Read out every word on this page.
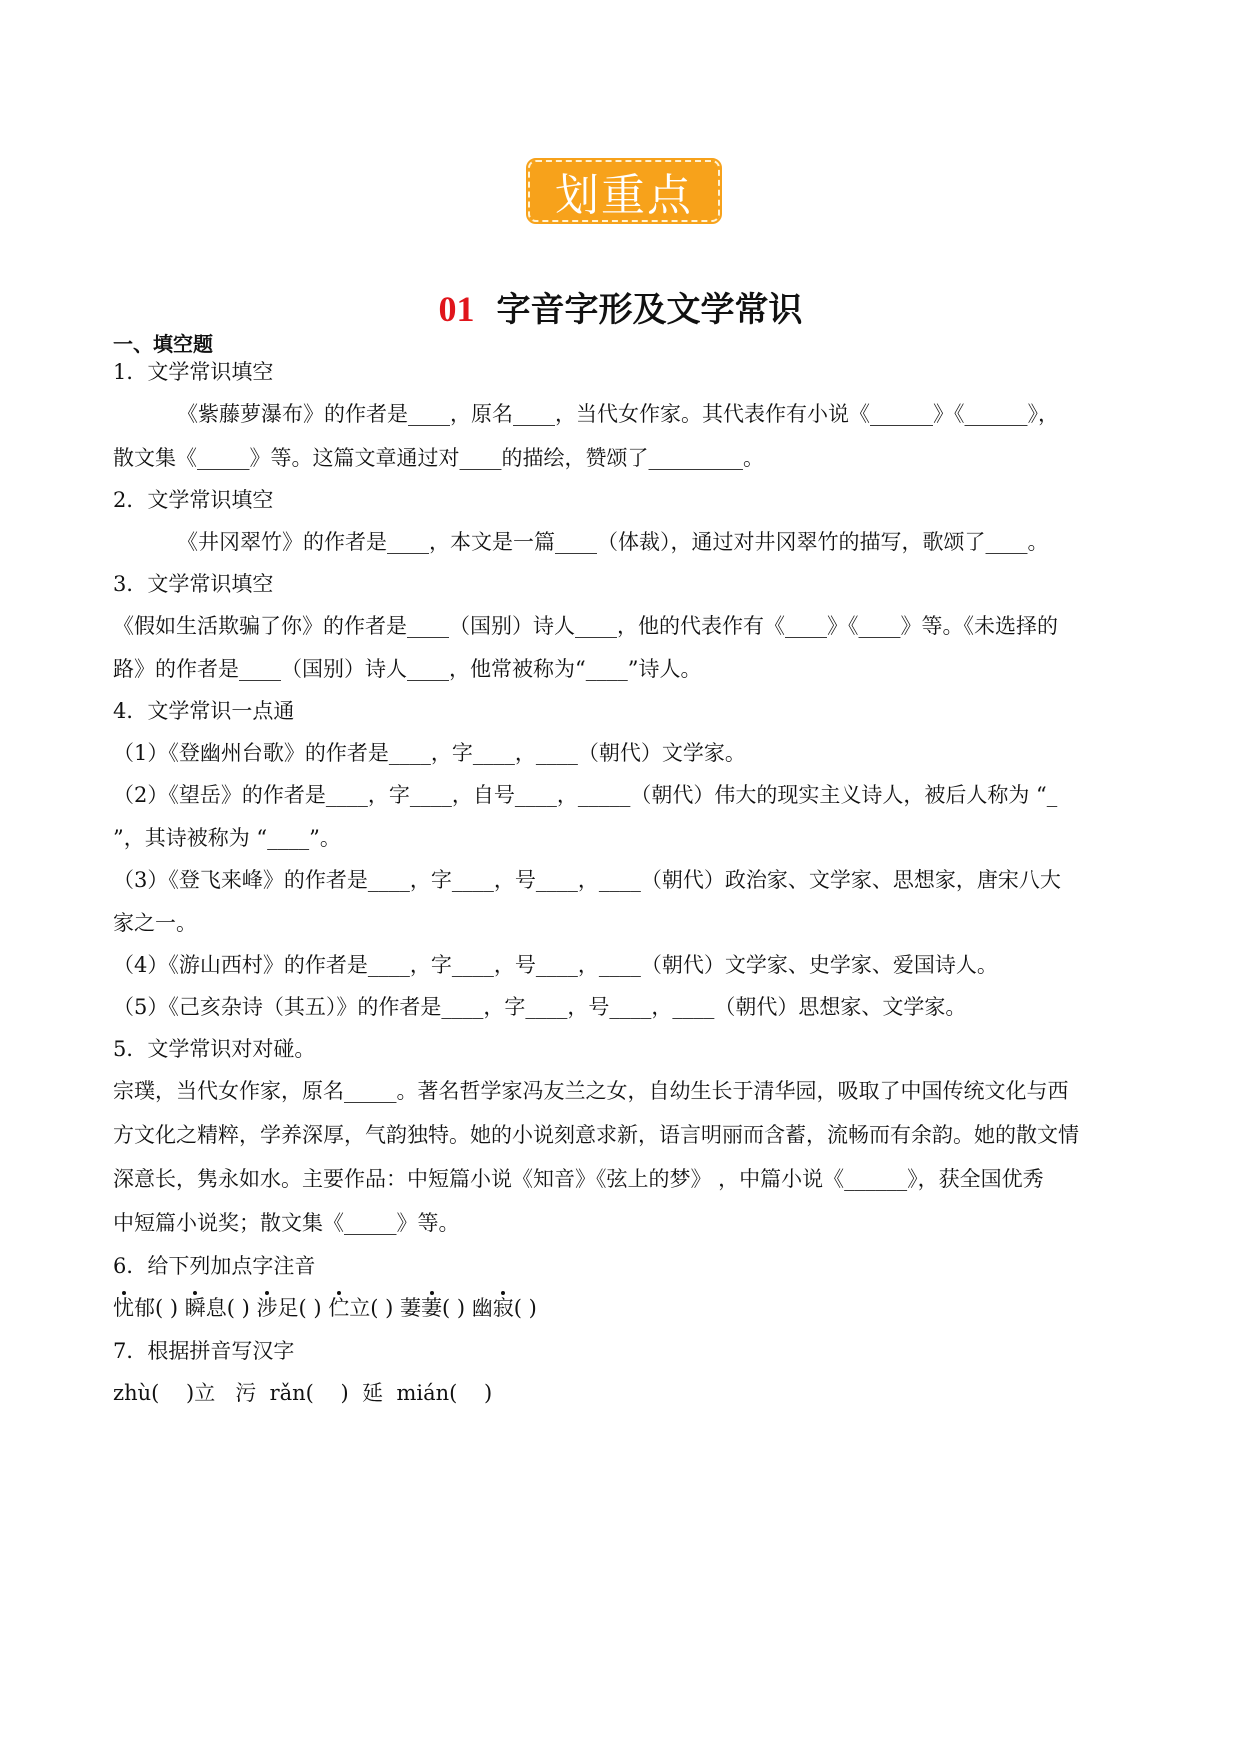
划重点
01 字音字形及文学常识
一、填空题
1．文学常识填空
《紫藤萝瀑布》的作者是____，原名____，当代女作家。其代表作有小说《______》《______》，
散文集《_____》等。这篇文章通过对____的描绘，赞颂了_________。
2．文学常识填空
《井冈翠竹》的作者是____，本文是一篇____（体裁），通过对井冈翠竹的描写，歌颂了____。
3．文学常识填空
《假如生活欺骗了你》的作者是____（国别）诗人____，他的代表作有《____》《____》等。《未选择的
路》的作者是____（国别）诗人____，他常被称为“____”诗人。
4．文学常识一点通
（1）《登幽州台歌》的作者是____，字____，____（朝代）文学家。
（2）《望岳》的作者是____，字____，自号____，_____（朝代）伟大的现实主义诗人，被后人称为 “_
”，其诗被称为 “____”。
（3）《登飞来峰》的作者是____，字____，号____，____（朝代）政治家、文学家、思想家，唐宋八大
家之一。
（4）《游山西村》的作者是____，字____，号____，____（朝代）文学家、史学家、爱国诗人。
（5）《己亥杂诗（其五）》的作者是____，字____，号____，____（朝代）思想家、文学家。
5．文学常识对对碰。
宗璞，当代女作家，原名_____。著名哲学家冯友兰之女，自幼生长于清华园，吸取了中国传统文化与西
方文化之精粹，学养深厚，气韵独特。她的小说刻意求新，语言明丽而含蓄，流畅而有余韵。她的散文情
深意长，隽永如水。主要作品：中短篇小说《知音》《弦上的梦》 ，中篇小说《______》，获全国优秀
中短篇小说奖；散文集《_____》等。
6．给下列加点字注音
忧郁( ) 瞬息( ) 涉足( ) 伫立( ) 萋萋( ) 幽寂( )
7．根据拼音写汉字
zhù(    )立   污  rǎn(    )  延  mián(    )
